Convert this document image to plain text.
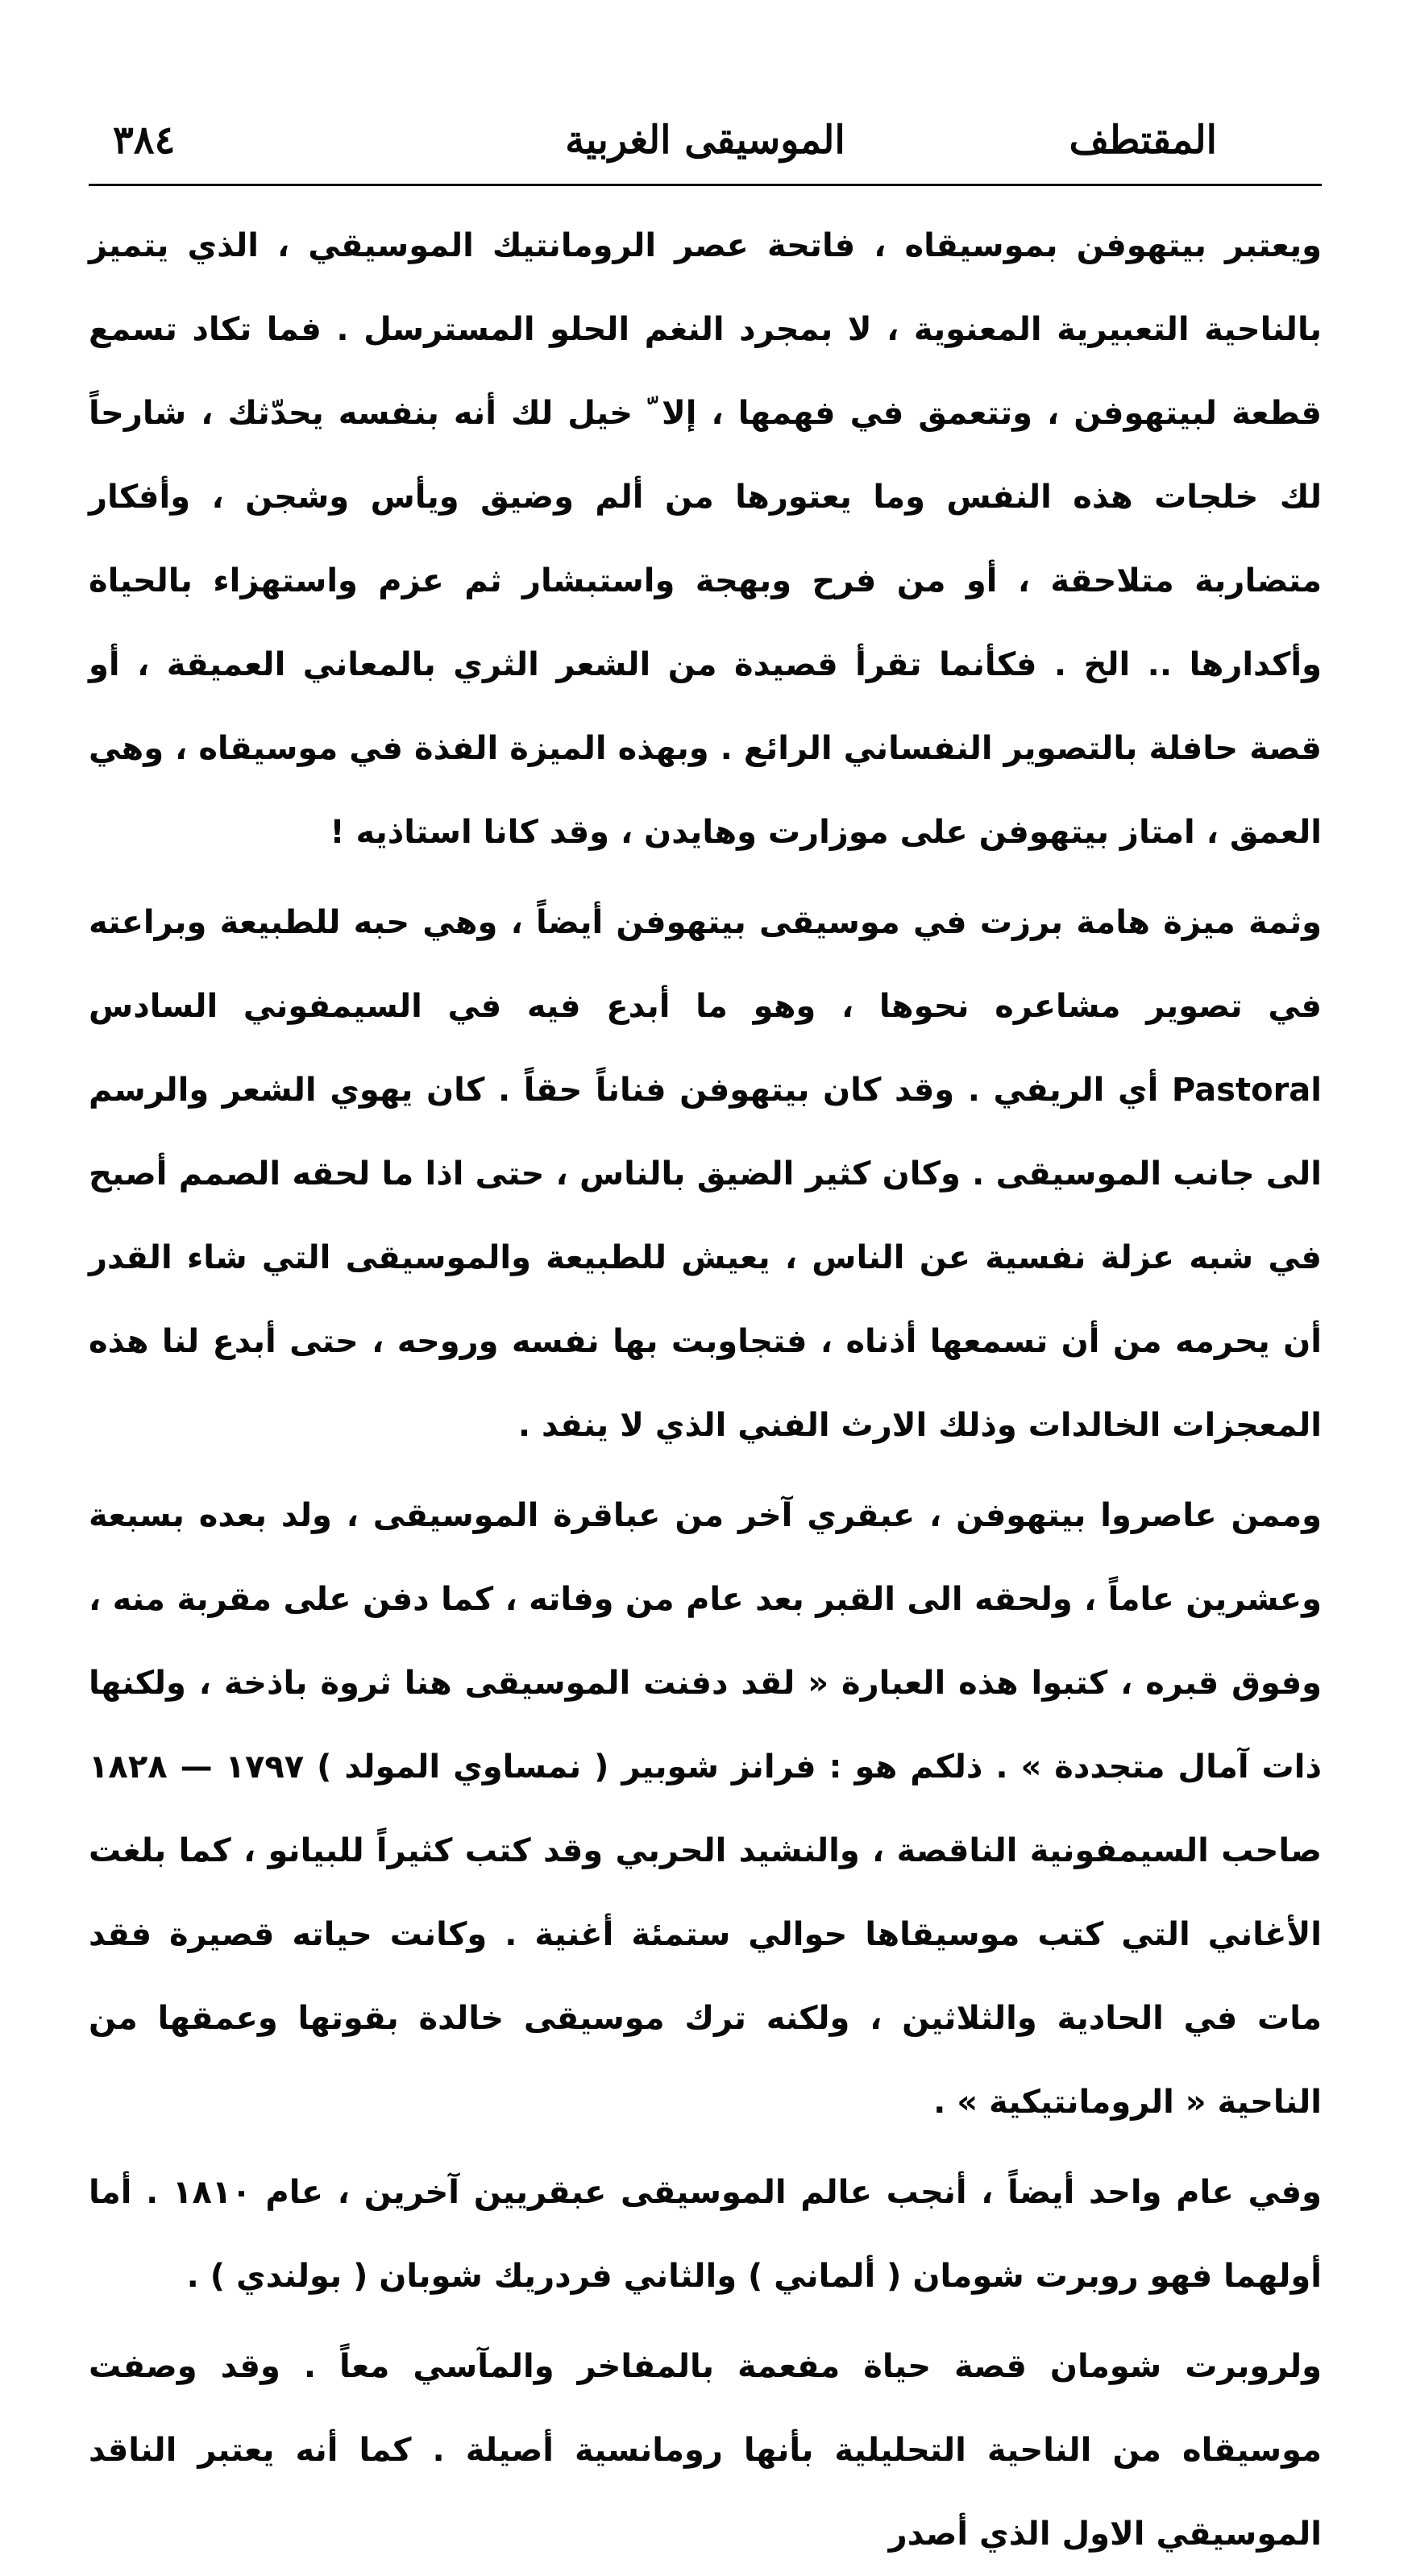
٣٨٤	الموسيقى الغربية	المقتطف

ويعتبر بيتهوفن بموسيقاه ، فاتحة عصر الرومانتيك الموسيقي ، الذي يتميز بالناحية التعبيرية المعنوية ، لا بمجرد النغم الحلو المسترسل . فما تكاد تسمع قطعة لبيتهوفن ، وتتعمق في فهمها ، إلا ّ خيل لك أنه بنفسه يحدّثك ، شارحاً لك خلجات هذه النفس وما يعتورها من ألم وضيق ويأس وشجن ، وأفكار متضاربة متلاحقة ، أو من فرح وبهجة واستبشار ثم عزم واستهزاء بالحياة وأكدارها .. الخ . فكأنما تقرأ قصيدة من الشعر الثري بالمعاني العميقة ، أو قصة حافلة بالتصوير النفساني الرائع . وبهذه الميزة الفذة في موسيقاه ، وهي العمق ، امتاز بيتهوفن على موزارت وهايدن ، وقد كانا استاذيه !

وثمة ميزة هامة برزت في موسيقى بيتهوفن أيضاً ، وهي حبه للطبيعة وبراعته في تصوير مشاعره نحوها ، وهو ما أبدع فيه في السيمفوني السادس Pastoral أي الريفي . وقد كان بيتهوفن فناناً حقاً . كان يهوي الشعر والرسم الى جانب الموسيقى . وكان كثير الضيق بالناس ، حتى اذا ما لحقه الصمم أصبح في شبه عزلة نفسية عن الناس ، يعيش للطبيعة والموسيقى التي شاء القدر أن يحرمه من أن تسمعها أذناه ، فتجاوبت بها نفسه وروحه ، حتى أبدع لنا هذه المعجزات الخالدات وذلك الارث الفني الذي لا ينفد .

وممن عاصروا بيتهوفن ، عبقري آخر من عباقرة الموسيقى ، ولد بعده بسبعة وعشرين عاماً ، ولحقه الى القبر بعد عام من وفاته ، كما دفن على مقربة منه ، وفوق قبره ، كتبوا هذه العبارة « لقد دفنت الموسيقى هنا ثروة باذخة ، ولكنها ذات آمال متجددة » . ذلكم هو : فرانز شوبير ( نمساوي المولد ) ١٧٩٧ — ١٨٢٨ صاحب السيمفونية الناقصة ، والنشيد الحربي وقد كتب كثيراً للبيانو ، كما بلغت الأغاني التي كتب موسيقاها حوالي ستمئة أغنية . وكانت حياته قصيرة فقد مات في الحادية والثلاثين ، ولكنه ترك موسيقى خالدة بقوتها وعمقها من الناحية « الرومانتيكية » .

وفي عام واحد أيضاً ، أنجب عالم الموسيقى عبقريين آخرين ، عام ١٨١٠ . أما أولهما فهو روبرت شومان ( ألماني ) والثاني فردريك شوبان ( بولندي ) .

ولروبرت شومان قصة حياة مفعمة بالمفاخر والمآسي معاً . وقد وصفت موسيقاه من الناحية التحليلية بأنها رومانسية أصيلة . كما أنه يعتبر الناقد الموسيقي الاول الذي أصدر
